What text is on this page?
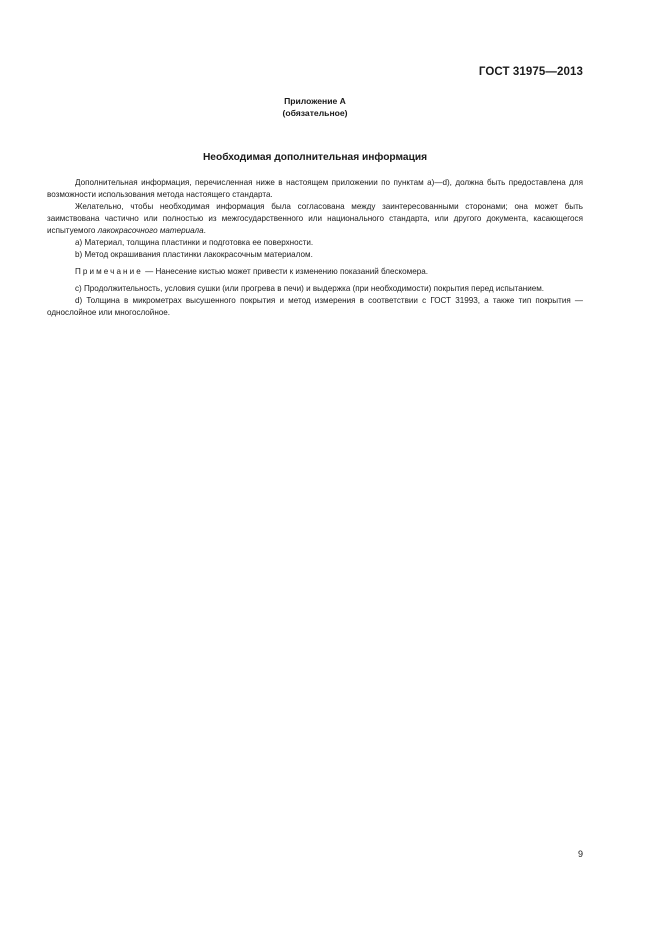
ГОСТ 31975—2013
Приложение А
(обязательное)
Необходимая дополнительная информация

Дополнительная информация, перечисленная ниже в настоящем приложении по пунктам а)—d), должна быть предоставлена для возможности использования метода настоящего стандарта.

Желательно, чтобы необходимая информация была согласована между заинтересованными сторонами; она может быть заимствована частично или полностью из межгосударственного или национального стандарта, или другого документа, касающегося испытуемого лакокрасочного материала.

а) Материал, толщина пластинки и подготовка ее поверхности.

b) Метод окрашивания пластинки лакокрасочным материалом.

Примечание — Нанесение кистью может привести к изменению показаний блескомера.

с) Продолжительность, условия сушки (или прогрева в печи) и выдержка (при необходимости) покрытия перед испытанием.

d) Толщина в микрометрах высушенного покрытия и метод измерения в соответствии с ГОСТ 31993, а также тип покрытия — однослойное или многослойное.

9
